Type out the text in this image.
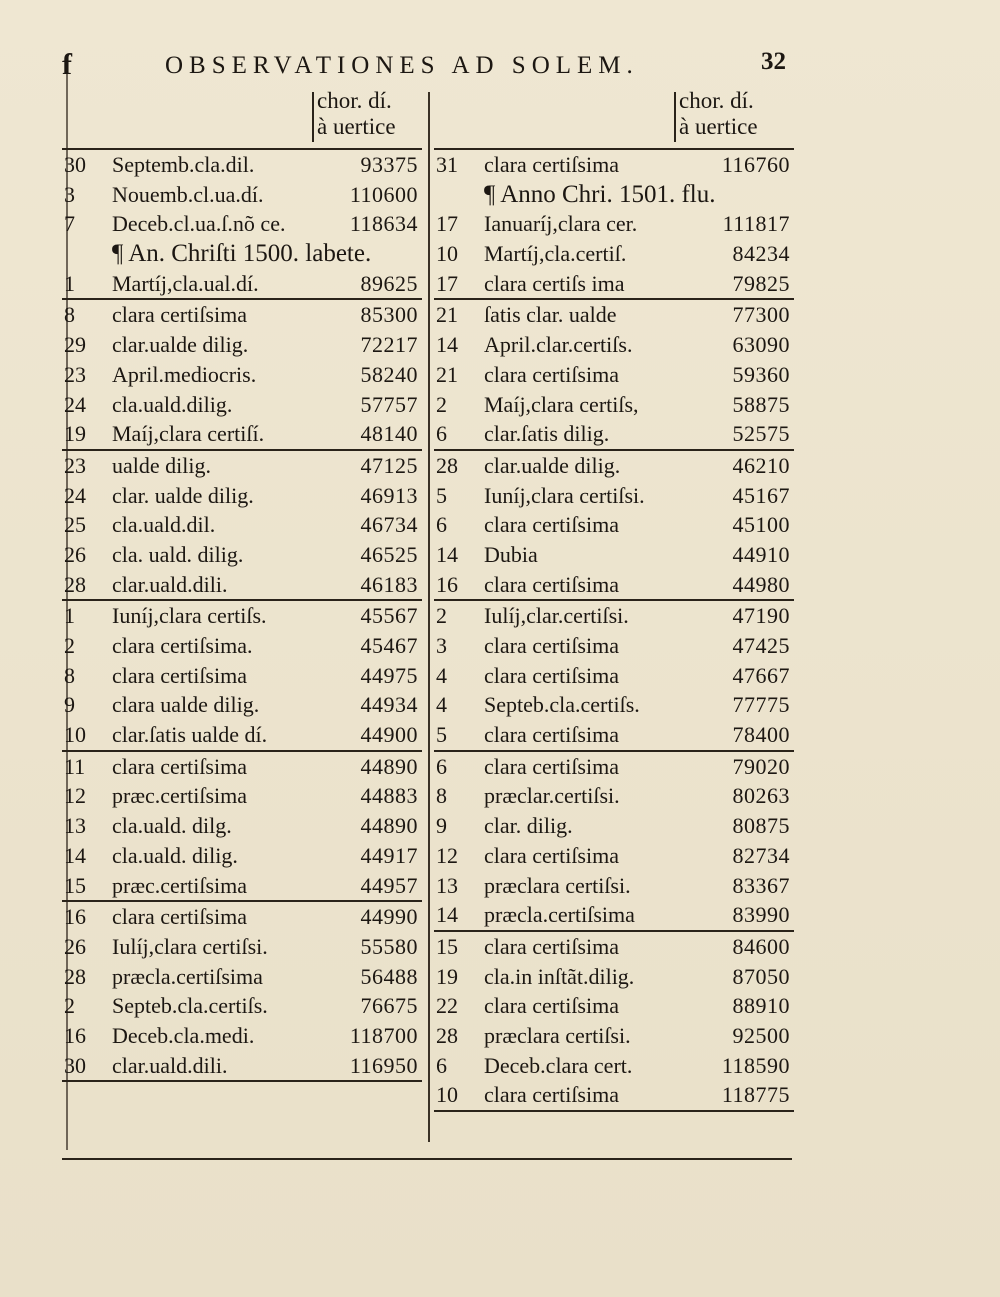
f	OBSERVATIONES AD SOLEM.	32
chor. dí.
à uertice
30	Septemb.cla.dil.	93375
3	Nouemb.cl.ua.dí.	110600
7	Deceb.cl.ua.ſ.nõ ce.	118634
¶ An. Chriſti 1500. labete.
1	Martíj,cla.ual.dí.	89625
8	clara certiſsima	85300
29	clar.ualde dilig.	72217
23	April.mediocris.	58240
24	cla.uald.dilig.	57757
19	Maíj,clara certiſí.	48140
23	ualde dilig.	47125
24	clar. ualde dilig.	46913
25	cla.uald.dil.	46734
26	cla. uald. dilig.	46525
28	clar.uald.dili.	46183
1	Iuníj,clara certiſs.	45567
2	clara certiſsima.	45467
8	clara certiſsima	44975
9	clara ualde dilig.	44934
10	clar.ſatis ualde dí.	44900
11	clara certiſsima	44890
12	præc.certiſsima	44883
13	cla.uald. dilg.	44890
14	cla.uald. dilig.	44917
15	præc.certiſsima	44957
16	clara certiſsima	44990
26	Iulíj,clara certiſsi.	55580
28	præcla.certiſsima	56488
2	Septeb.cla.certiſs.	76675
16	Deceb.cla.medi.	118700
30	clar.uald.dili.	116950
chor. dí.
à uertice
31	clara certiſsima	116760
¶ Anno Chri. 1501. flu.
17	Ianuaríj,clara cer.	111817
10	Martíj,cla.certiſ.	84234
17	clara certiſs ima	79825
21	ſatis clar. ualde	77300
14	April.clar.certiſs.	63090
21	clara certiſsima	59360
2	Maíj,clara certiſs,	58875
6	clar.ſatis dilig.	52575
28	clar.ualde dilig.	46210
5	Iuníj,clara certiſsi.	45167
6	clara certiſsima	45100
14	Dubia	44910
16	clara certiſsima	44980
2	Iulíj,clar.certiſsi.	47190
3	clara certiſsima	47425
4	clara certiſsima	47667
4	Septeb.cla.certiſs.	77775
5	clara certiſsima	78400
6	clara certiſsima	79020
8	præclar.certiſsi.	80263
9	clar. dilig.	80875
12	clara certiſsima	82734
13	præclara certiſsi.	83367
14	præcla.certiſsima	83990
15	clara certiſsima	84600
19	cla.in inſtãt.dilig.	87050
22	clara certiſsima	88910
28	præclara certiſsi.	92500
6	Deceb.clara cert.	118590
10	clara certiſsima	118775
